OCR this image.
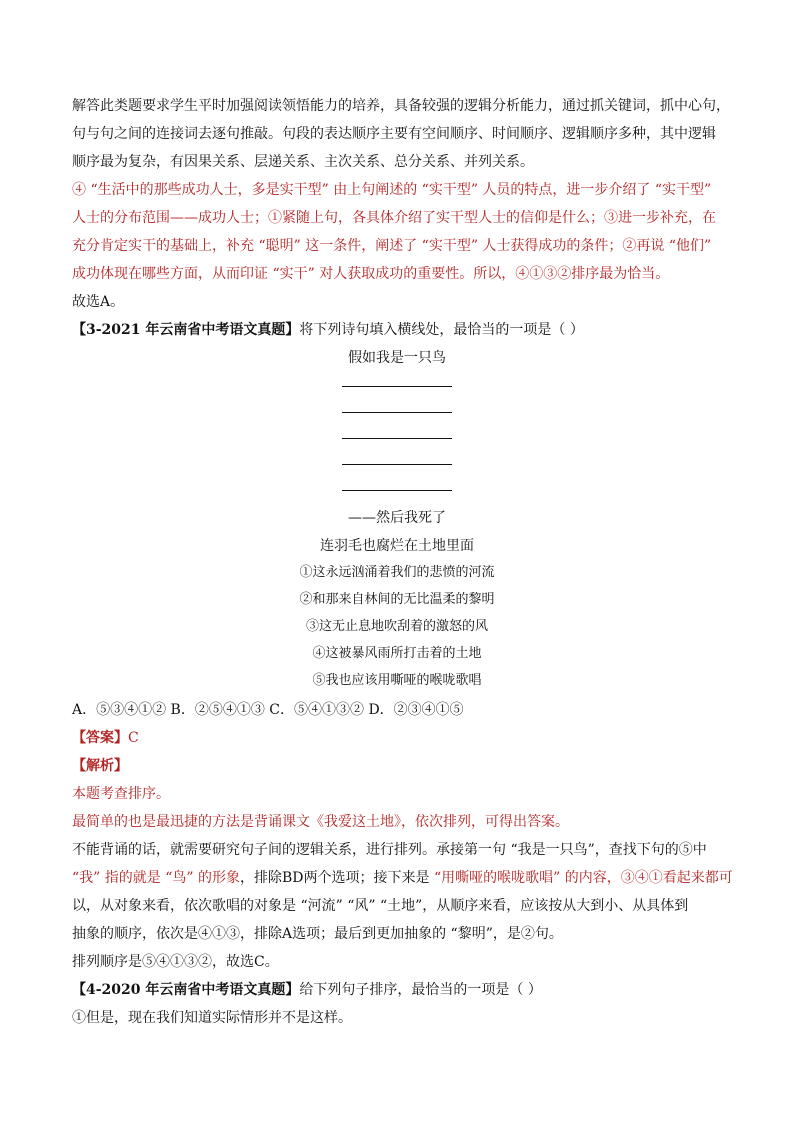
解答此类题要求学生平时加强阅读领悟能力的培养，具备较强的逻辑分析能力，通过抓关键词，抓中心句，
句与句之间的连接词去逐句推敲。句段的表达顺序主要有空间顺序、时间顺序、逻辑顺序多种，其中逻辑
顺序最为复杂，有因果关系、层递关系、主次关系、总分关系、并列关系。
④ “生活中的那些成功人士，多是实干型” 由上句阐述的 “实干型” 人员的特点，进一步介绍了 “实干型”
人士的分布范围——成功人士；①紧随上句，各具体介绍了实干型人士的信仰是什么；③进一步补充，在
充分肯定实干的基础上，补充 “聪明” 这一条件，阐述了 “实干型” 人士获得成功的条件；②再说 “他们”
成功体现在哪些方面，从而印证 “实干” 对人获取成功的重要性。所以，④①③②排序最为恰当。
故选A。
【3-2021 年云南省中考语文真题】将下列诗句填入横线处，最恰当的一项是（ ）
假如我是一只鸟
——然后我死了
连羽毛也腐烂在土地里面
①这永远汹涌着我们的悲愤的河流
②和那来自林间的无比温柔的黎明
③这无止息地吹刮着的激怒的风
④这被暴风雨所打击着的土地
⑤我也应该用嘶哑的喉咙歌唱
A．⑤③④①② B．②⑤④①③ C．⑤④①③② D．②③④①⑤
【答案】C
【解析】
本题考查排序。
最简单的也是最迅捷的方法是背诵课文《我爱这土地》，依次排列，可得出答案。
不能背诵的话，就需要研究句子间的逻辑关系，进行排列。承接第一句 “我是一只鸟”，查找下句的⑤中
“我” 指的就是 “鸟” 的形象，排除BD两个选项；接下来是 “用嘶哑的喉咙歌唱” 的内容，③④①看起来都可
以，从对象来看，依次歌唱的对象是 “河流” “风” “土地”，从顺序来看，应该按从大到小、从具体到
抽象的顺序，依次是④①③，排除A选项；最后到更加抽象的 “黎明”，是②句。
排列顺序是⑤④①③②，故选C。
【4-2020 年云南省中考语文真题】给下列句子排序，最恰当的一项是（ ）
①但是，现在我们知道实际情形并不是这样。
